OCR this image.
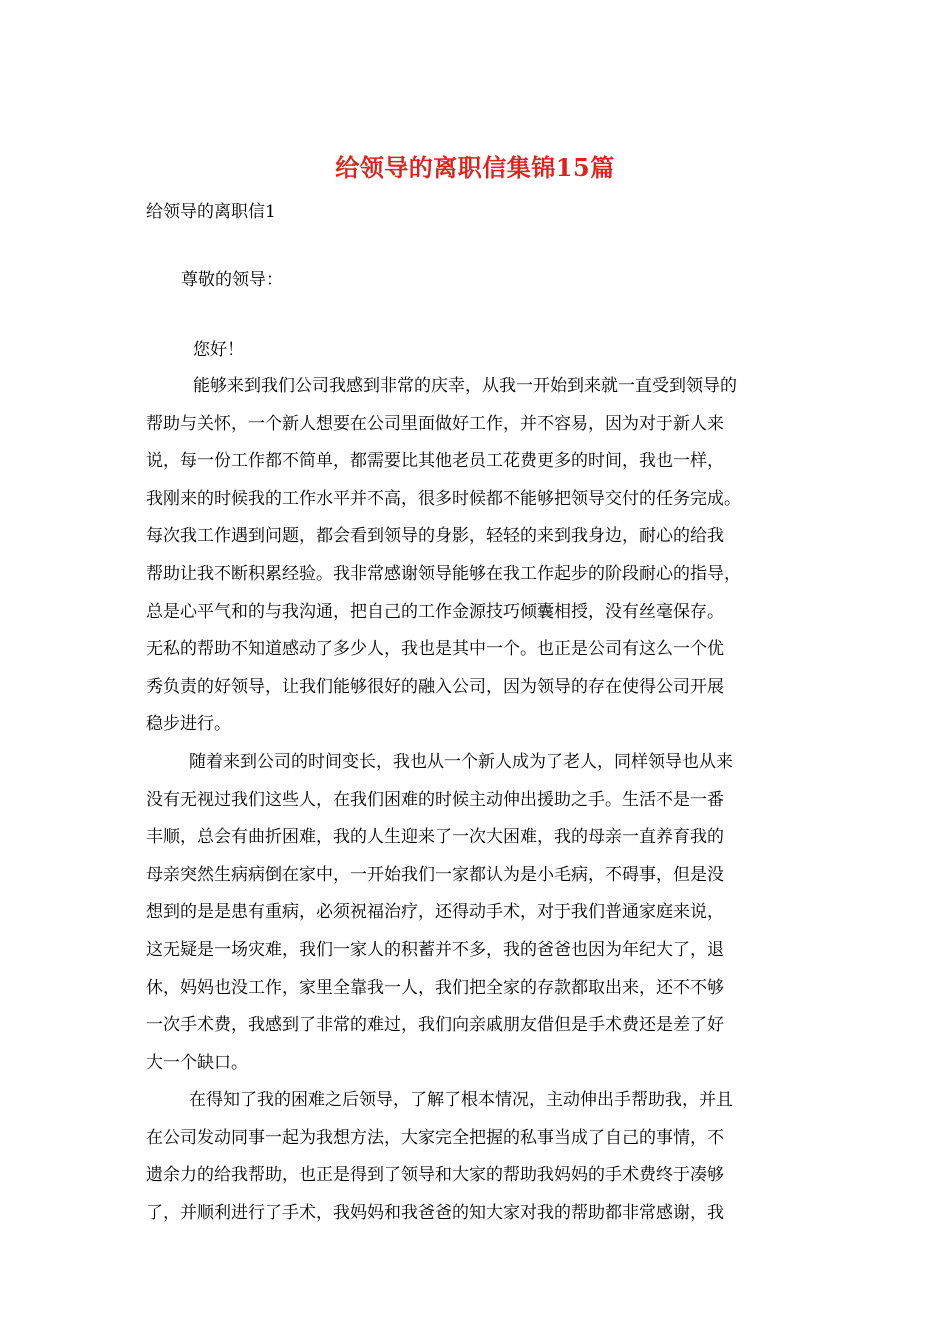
给领导的离职信集锦15篇
给领导的离职信1
尊敬的领导：
您好！
能够来到我们公司我感到非常的庆幸，从我一开始到来就一直受到领导的
帮助与关怀，一个新人想要在公司里面做好工作，并不容易，因为对于新人来
说，每一份工作都不简单，都需要比其他老员工花费更多的时间，我也一样，
我刚来的时候我的工作水平并不高，很多时候都不能够把领导交付的任务完成。
每次我工作遇到问题，都会看到领导的身影，轻轻的来到我身边，耐心的给我
帮助让我不断积累经验。我非常感谢领导能够在我工作起步的阶段耐心的指导，
总是心平气和的与我沟通，把自己的工作金源技巧倾囊相授，没有丝毫保存。
无私的帮助不知道感动了多少人，我也是其中一个。也正是公司有这么一个优
秀负责的好领导，让我们能够很好的融入公司，因为领导的存在使得公司开展
稳步进行。
随着来到公司的时间变长，我也从一个新人成为了老人，同样领导也从来
没有无视过我们这些人，在我们困难的时候主动伸出援助之手。生活不是一番
丰顺，总会有曲折困难，我的人生迎来了一次大困难，我的母亲一直养育我的
母亲突然生病病倒在家中，一开始我们一家都认为是小毛病，不碍事，但是没
想到的是是患有重病，必须祝福治疗，还得动手术，对于我们普通家庭来说，
这无疑是一场灾难，我们一家人的积蓄并不多，我的爸爸也因为年纪大了，退
休，妈妈也没工作，家里全靠我一人，我们把全家的存款都取出来，还不不够
一次手术费，我感到了非常的难过，我们向亲戚朋友借但是手术费还是差了好
大一个缺口。
在得知了我的困难之后领导，了解了根本情况，主动伸出手帮助我，并且
在公司发动同事一起为我想方法，大家完全把握的私事当成了自己的事情，不
遗余力的给我帮助，也正是得到了领导和大家的帮助我妈妈的手术费终于凑够
了，并顺利进行了手术，我妈妈和我爸爸的知大家对我的帮助都非常感谢，我
